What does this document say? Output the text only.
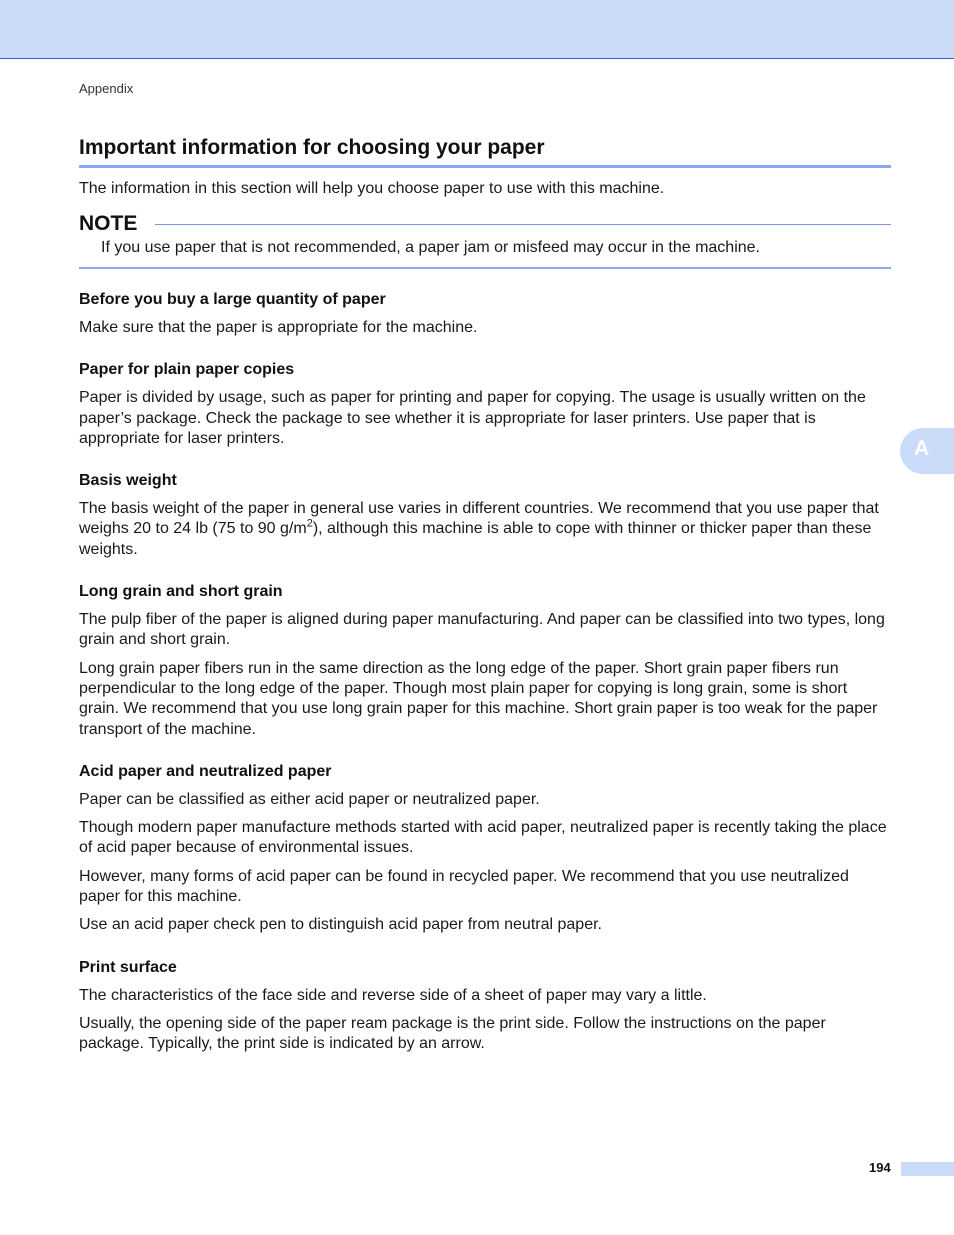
Appendix
Important information for choosing your paper

The information in this section will help you choose paper to use with this machine.

NOTE

If you use paper that is not recommended, a paper jam or misfeed may occur in the machine.

Before you buy a large quantity of paper

Make sure that the paper is appropriate for the machine.

Paper for plain paper copies

Paper is divided by usage, such as paper for printing and paper for copying. The usage is usually written on the paper’s package. Check the package to see whether it is appropriate for laser printers. Use paper that is appropriate for laser printers.

Basis weight

The basis weight of the paper in general use varies in different countries. We recommend that you use paper that weighs 20 to 24 lb (75 to 90 $g/m^2$), although this machine is able to cope with thinner or thicker paper than these weights.

Long grain and short grain

The pulp fiber of the paper is aligned during paper manufacturing. And paper can be classified into two types, long grain and short grain.

Long grain paper fibers run in the same direction as the long edge of the paper. Short grain paper fibers run perpendicular to the long edge of the paper. Though most plain paper for copying is long grain, some is short grain. We recommend that you use long grain paper for this machine. Short grain paper is too weak for the paper transport of the machine.

Acid paper and neutralized paper

Paper can be classified as either acid paper or neutralized paper.

Though modern paper manufacture methods started with acid paper, neutralized paper is recently taking the place of acid paper because of environmental issues.

However, many forms of acid paper can be found in recycled paper. We recommend that you use neutralized paper for this machine.

Use an acid paper check pen to distinguish acid paper from neutral paper.

Print surface

The characteristics of the face side and reverse side of a sheet of paper may vary a little.

Usually, the opening side of the paper ream package is the print side. Follow the instructions on the paper package. Typically, the print side is indicated by an arrow.

A
194
